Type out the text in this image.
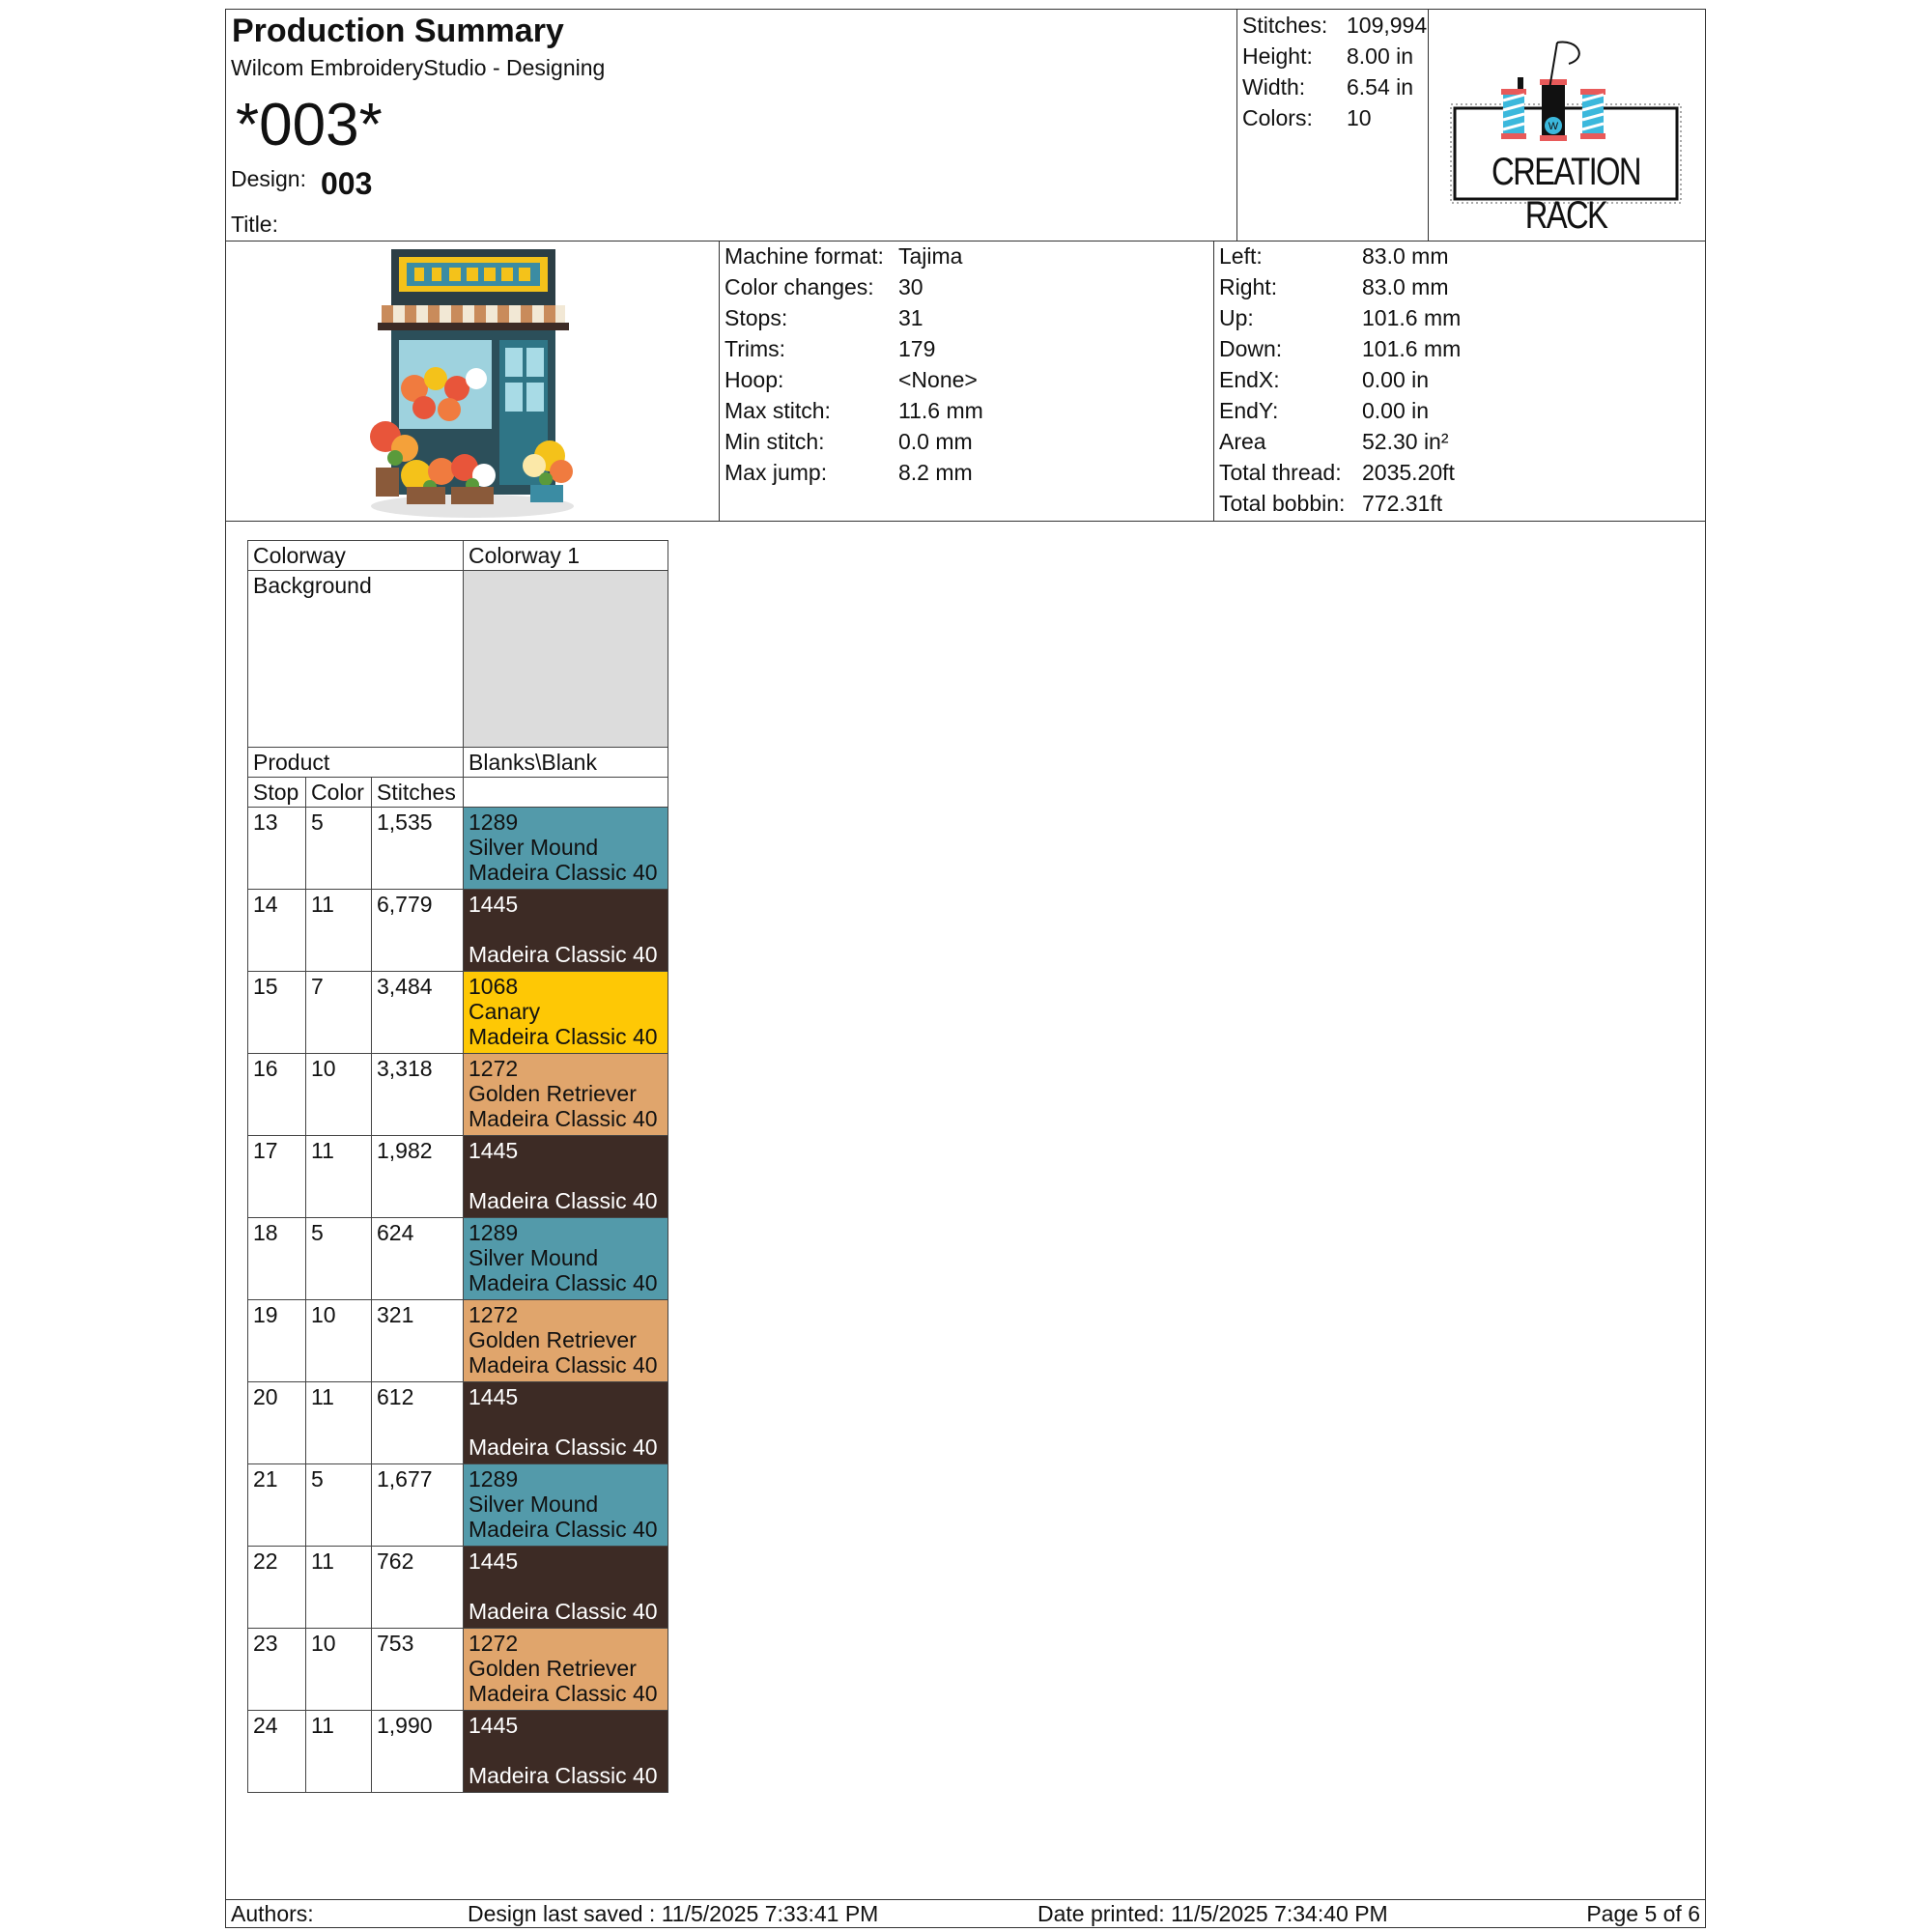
Production Summary
Wilcom EmbroideryStudio - Designing
*003*
Design: 003
Title:
Stitches: 109,994
Height: 8.00 in
Width: 6.54 in
Colors: 10	W
CREATION RACK
Machine format: Tajima
Color changes: 30
Stops:	31
Trims:	179
Hoop:	<None>
Max stitch:	11.6 mm
Min stitch:	0.0 mm
Max jump:	8.2 mm
Left:	83.0 mm
Right:	83.0 mm
Up:	101.6 mm
Down:	101.6 mm
EndX:	0.00 in
EndY:	0.00 in
Area	52.30 in²
Total thread: 2035.20ft
Total bobbin: 772.31ft
Colorway			Colorway 1
Background			
Product			Blanks\Blank
Stop	Color	Stitches	
13	5	1,535	1289
Silver Mound
Madeira Classic 40

14	11	6,779	1445
Madeira Classic 40

15	7	3,484	1068
Canary
Madeira Classic 40

16	10	3,318	1272
Golden Retriever
Madeira Classic 40

17	11	1,982	1445
Madeira Classic 40

18	5	624	1289
Silver Mound
Madeira Classic 40

19	10	321	1272
Golden Retriever
Madeira Classic 40

20	11	612	1445
Madeira Classic 40

21	5	1,677	1289
Silver Mound
Madeira Classic 40

22	11	762	1445
Madeira Classic 40

23	10	753	1272
Golden Retriever
Madeira Classic 40

24	11	1,990	1445
Madeira Classic 40
Authors:	Design last saved : 11/5/2025 7:33:41 PM	Date printed: 11/5/2025 7:34:40 PM	Page 5 of 6
